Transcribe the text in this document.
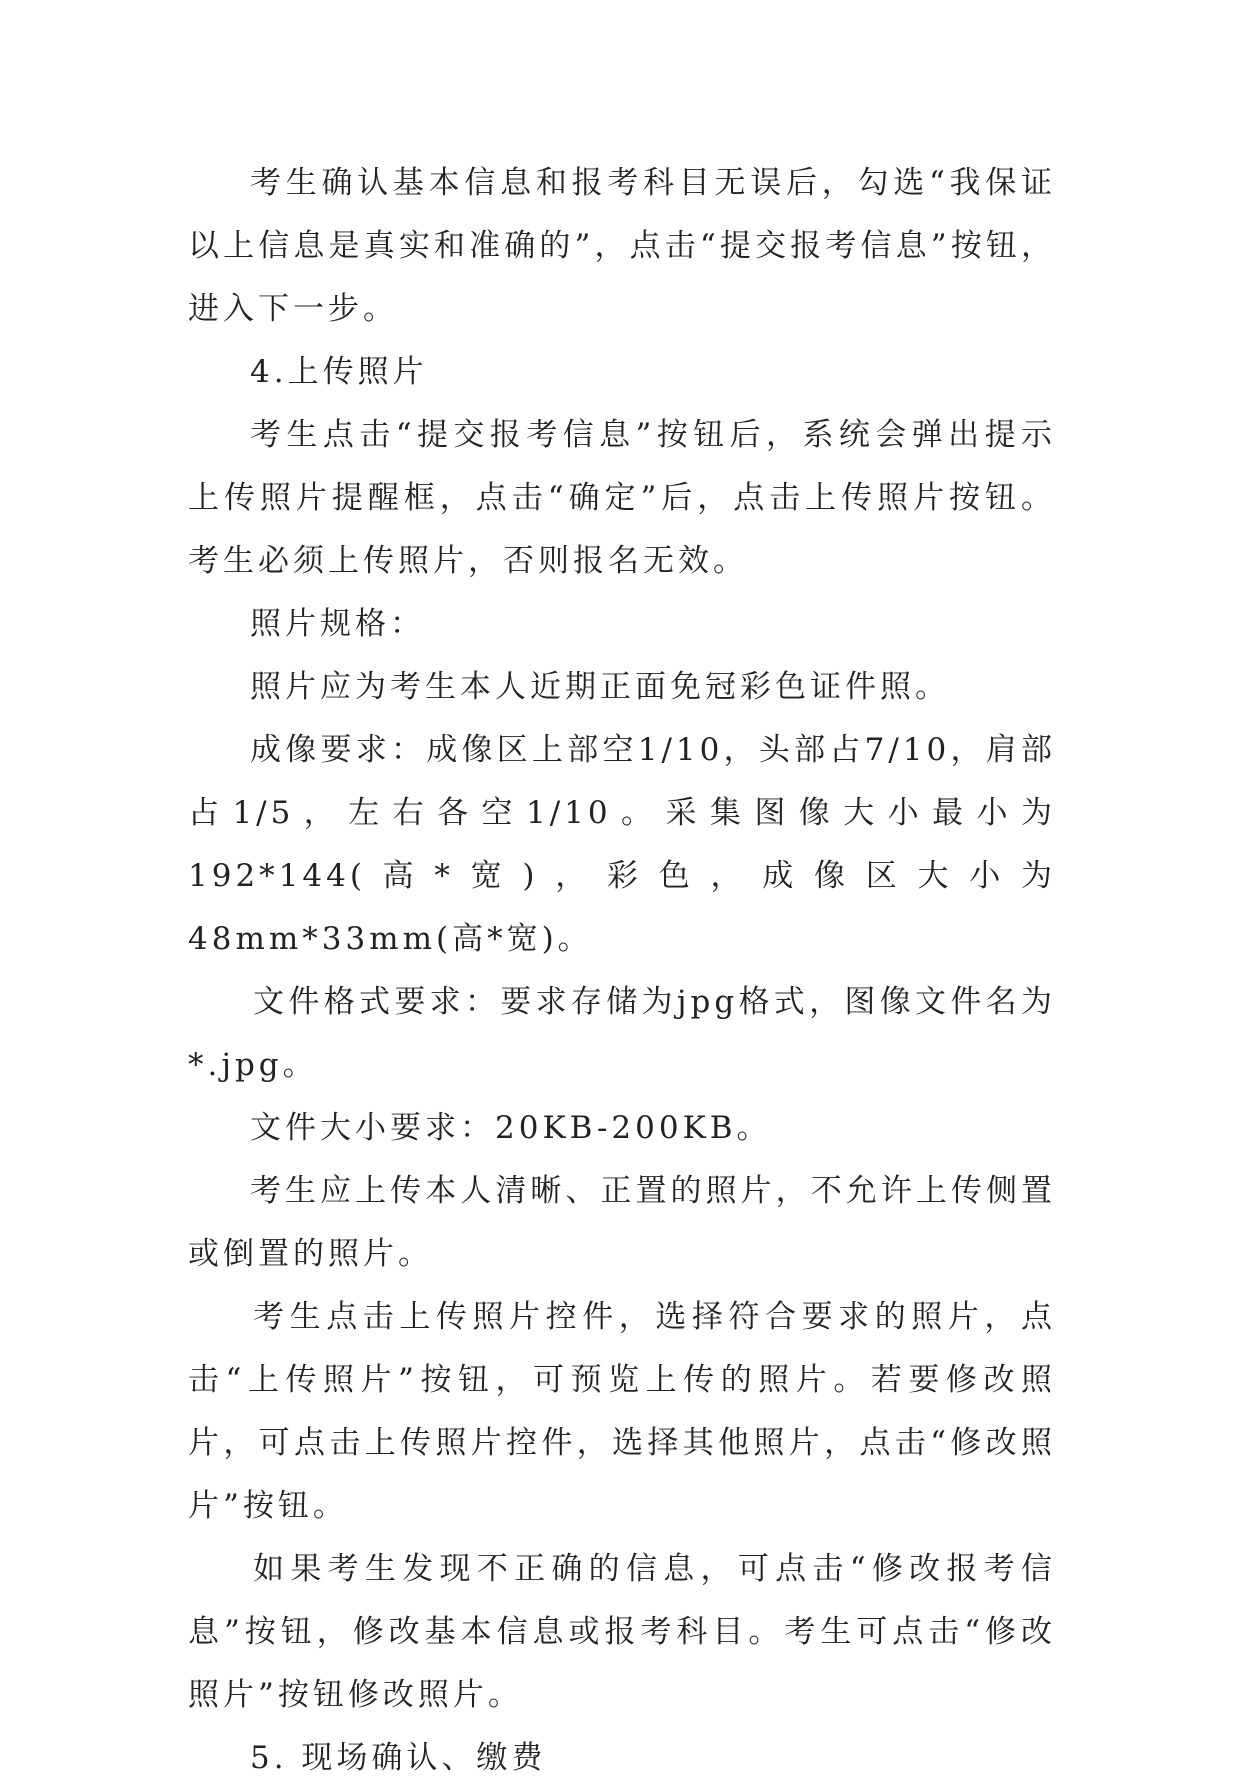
考生确认基本信息和报考科目无误后，勾选“我保证以上信息是真实和准确的”，点击“提交报考信息”按钮，进入下一步。

4.上传照片

考生点击“提交报考信息”按钮后，系统会弹出提示上传照片提醒框，点击“确定”后，点击上传照片按钮。考生必须上传照片，否则报名无效。

照片规格：

照片应为考生本人近期正面免冠彩色证件照。

成像要求：成像区上部空1/10，头部占7/10，肩部占1/5，左右各空1/10。采集图像大小最小为192*144(高*宽)，彩色，成像区大小为48mm*33mm(高*宽)。

文件格式要求：要求存储为jpg格式，图像文件名为*.jpg。

文件大小要求：20KB-200KB。

考生应上传本人清晰、正置的照片，不允许上传侧置或倒置的照片。

考生点击上传照片控件，选择符合要求的照片，点击“上传照片”按钮，可预览上传的照片。若要修改照片，可点击上传照片控件，选择其他照片，点击“修改照片”按钮。

如果考生发现不正确的信息，可点击“修改报考信息”按钮，修改基本信息或报考科目。考生可点击“修改照片”按钮修改照片。

5. 现场确认、缴费
